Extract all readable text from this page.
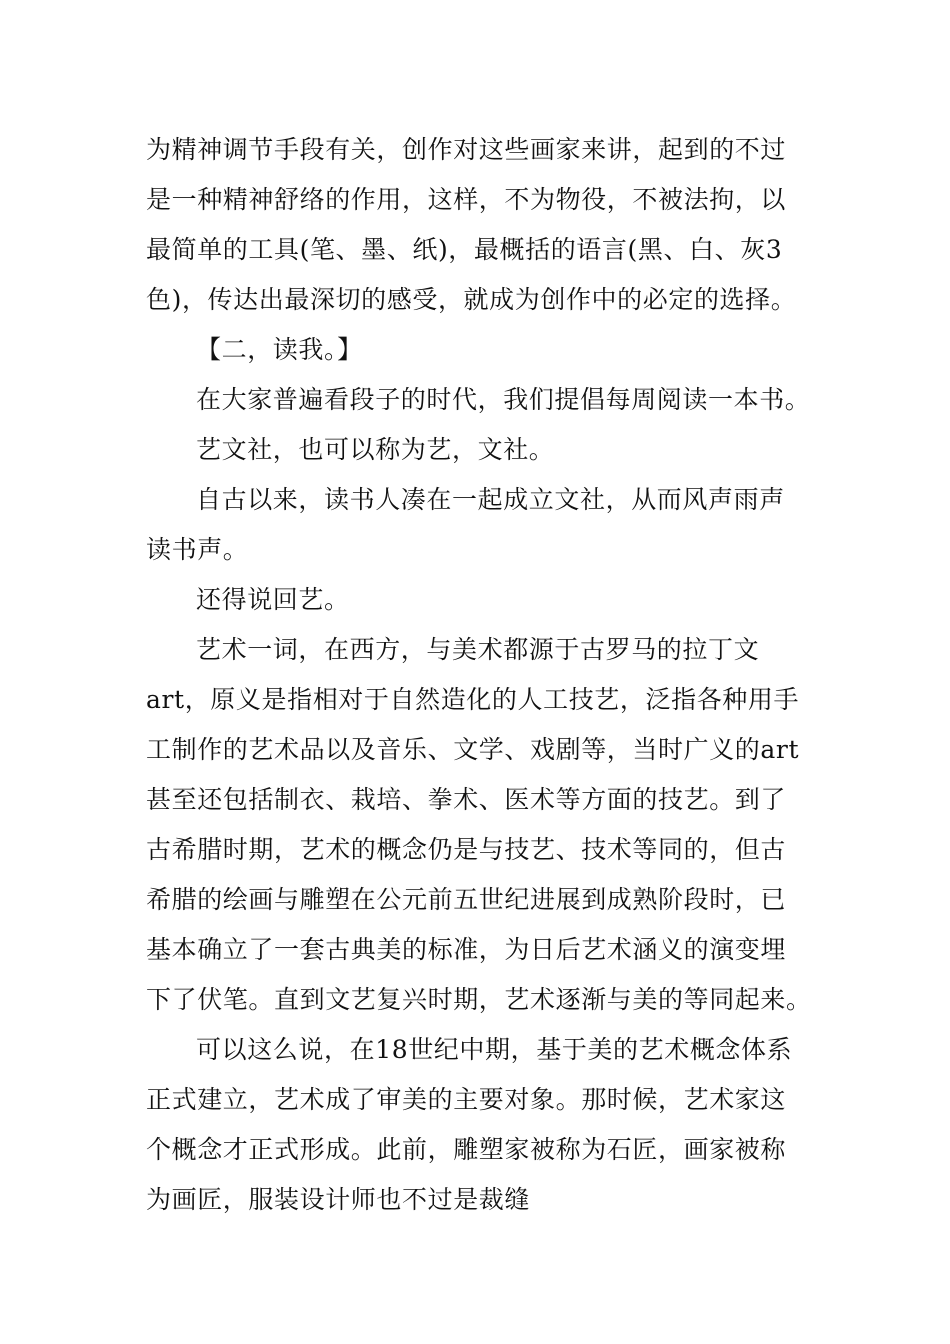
为精神调节手段有关，创作对这些画家来讲，起到的不过
是一种精神舒络的作用，这样，不为物役，不被法拘，以
最简单的工具(笔、墨、纸)，最概括的语言(黑、白、灰3
色)，传达出最深切的感受，就成为创作中的必定的选择。
【二，读我。】
在大家普遍看段子的时代，我们提倡每周阅读一本书。
艺文社，也可以称为艺，文社。
自古以来，读书人凑在一起成立文社，从而风声雨声
读书声。
还得说回艺。
艺术一词，在西方，与美术都源于古罗马的拉丁文
art，原义是指相对于自然造化的人工技艺，泛指各种用手
工制作的艺术品以及音乐、文学、戏剧等，当时广义的art
甚至还包括制衣、栽培、拳术、医术等方面的技艺。到了
古希腊时期，艺术的概念仍是与技艺、技术等同的，但古
希腊的绘画与雕塑在公元前五世纪进展到成熟阶段时，已
基本确立了一套古典美的标准，为日后艺术涵义的演变埋
下了伏笔。直到文艺复兴时期，艺术逐渐与美的等同起来。
可以这么说，在18世纪中期，基于美的艺术概念体系
正式建立，艺术成了审美的主要对象。那时候，艺术家这
个概念才正式形成。此前，雕塑家被称为石匠，画家被称
为画匠，服装设计师也不过是裁缝
